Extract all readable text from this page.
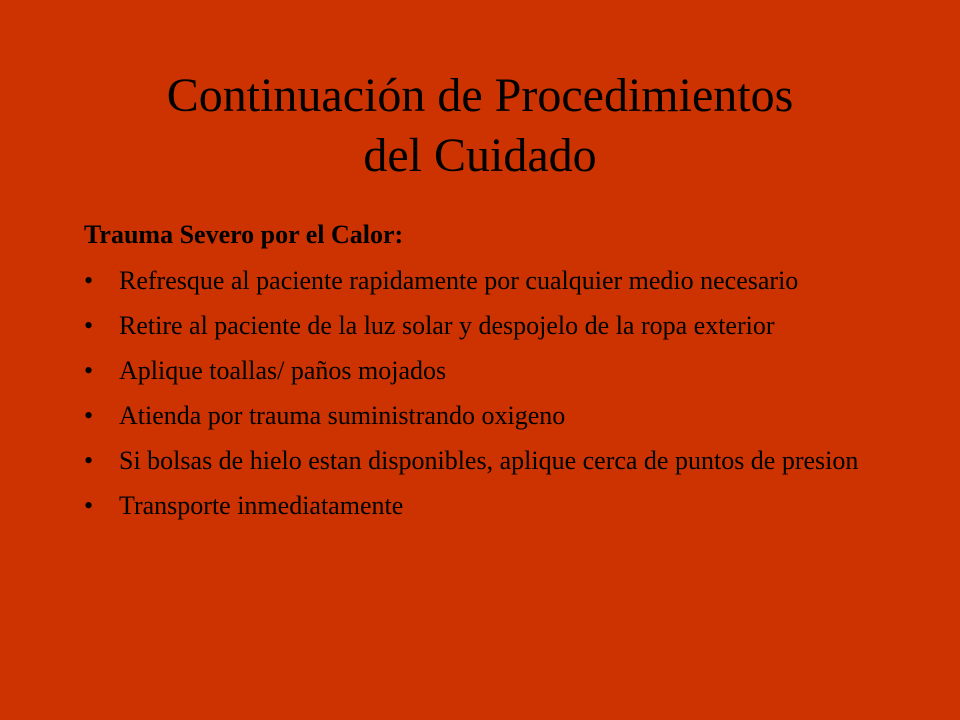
Continuación de Procedimientos
del Cuidado

Trauma Severo por el Calor:

• Refresque al paciente rapidamente por cualquier medio necesario
• Retire al paciente de la luz solar y despojelo de la ropa exterior
• Aplique toallas/ paños mojados
• Atienda por trauma suministrando oxigeno
• Si bolsas de hielo estan disponibles, aplique cerca de puntos de presion
• Transporte inmediatamente
